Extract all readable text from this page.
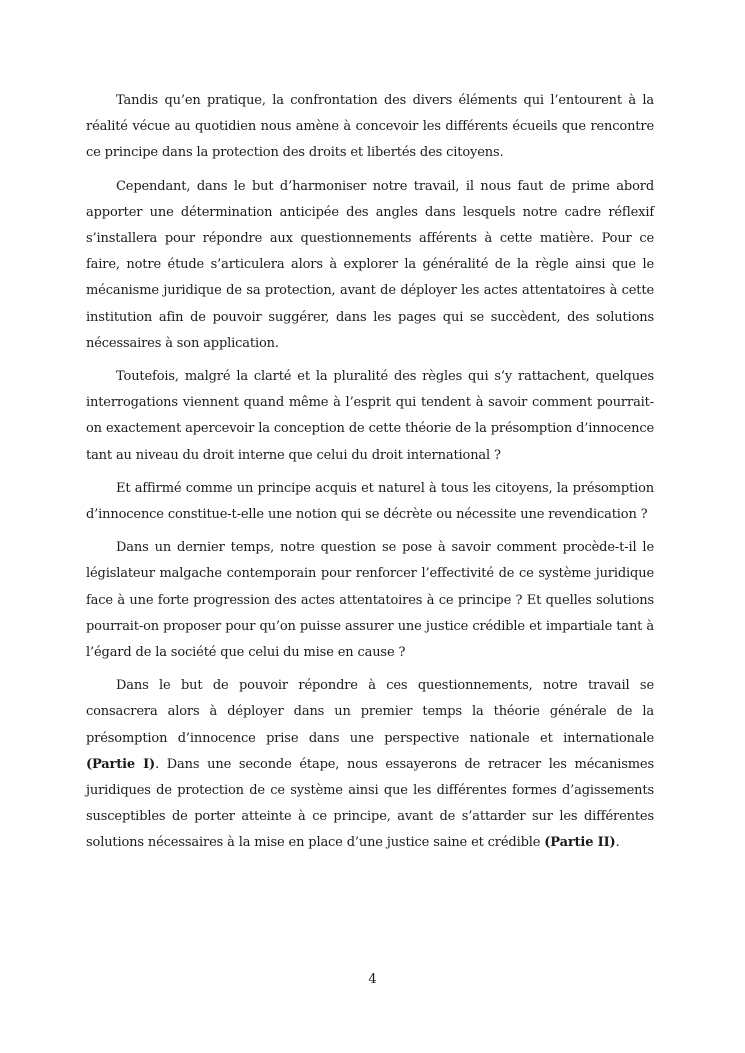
Tandis qu’en pratique, la confrontation des divers éléments qui l’entourent à la réalité vécue au quotidien nous amène à concevoir les différents écueils que rencontre ce principe dans la protection des droits et libertés des citoyens.

Cependant, dans le but d’harmoniser notre travail, il nous faut de prime abord apporter une détermination anticipée des angles dans lesquels notre cadre réflexif s’installera pour répondre aux questionnements afférents à cette matière. Pour ce faire, notre étude s’articulera alors à explorer la généralité de la règle ainsi que le mécanisme juridique de sa protection, avant de déployer les actes attentatoires à cette institution afin de pouvoir suggérer, dans les pages qui se succèdent, des solutions nécessaires à son application.

Toutefois, malgré la clarté et la pluralité des règles qui s’y rattachent, quelques interrogations viennent quand même à l’esprit qui tendent à savoir comment pourrait-on exactement apercevoir la conception de cette théorie de la présomption d’innocence tant au niveau du droit interne que celui du droit international ?

Et affirmé comme un principe acquis et naturel à tous les citoyens, la présomption d’innocence constitue-t-elle une notion qui se décrète ou nécessite une revendication ?

Dans un dernier temps, notre question se pose à savoir comment procède-t-il le législateur malgache contemporain pour renforcer l’effectivité de ce système juridique face à une forte progression des actes attentatoires à ce principe ? Et quelles solutions pourrait-on proposer pour qu’on puisse assurer une justice crédible et impartiale tant à l’égard de la société que celui du mise en cause ?

Dans le but de pouvoir répondre à ces questionnements, notre travail se consacrera alors à déployer dans un premier temps la théorie générale de la présomption d’innocence prise dans une perspective nationale et internationale (Partie I). Dans une seconde étape, nous essayerons de retracer les mécanismes juridiques de protection de ce système ainsi que les différentes formes d’agissements susceptibles de porter atteinte à ce principe, avant de s’attarder sur les différentes solutions nécessaires à la mise en place d’une justice saine et crédible (Partie II).

4
